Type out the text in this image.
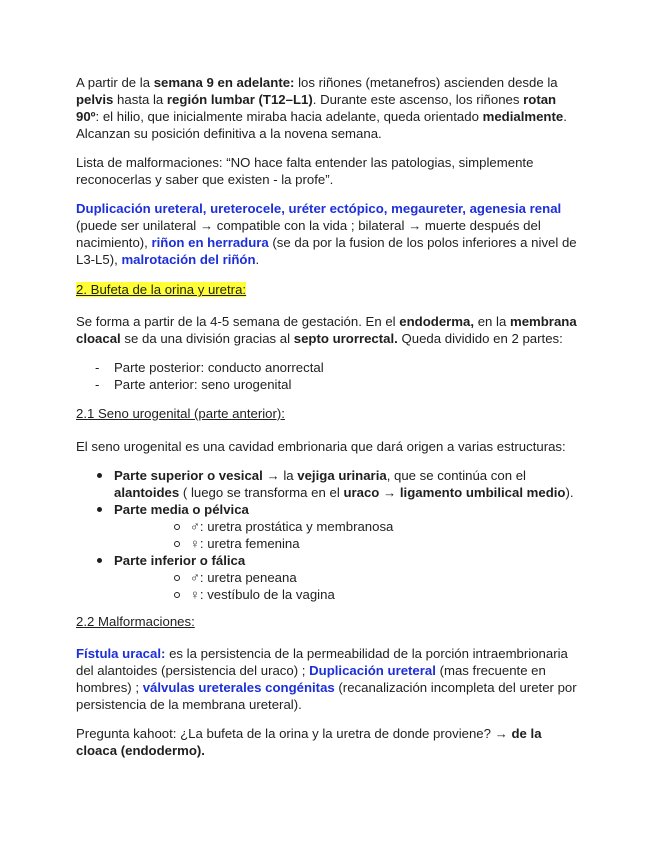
A partir de la semana 9 en adelante: los riñones (metanefros) ascienden desde la pelvis hasta la región lumbar (T12–L1). Durante este ascenso, los riñones rotan 90º: el hilio, que inicialmente miraba hacia adelante, queda orientado medialmente. Alcanzan su posición definitiva a la novena semana.

Lista de malformaciones: “NO hace falta entender las patologias, simplemente reconocerlas y saber que existen - la profe”.

Duplicación ureteral, ureterocele, uréter ectópico, megaureter, agenesia renal (puede ser unilateral → compatible con la vida ; bilateral → muerte después del nacimiento), riñon en herradura (se da por la fusion de los polos inferiores a nivel de L3-L5), malrotación del riñón.

2. Bufeta de la orina y uretra:

Se forma a partir de la 4-5 semana de gestación. En el endoderma, en la membrana cloacal se da una división gracias al septo urorrectal. Queda dividido en 2 partes:

- Parte posterior: conducto anorrectal
- Parte anterior: seno urogenital

2.1 Seno urogenital (parte anterior):

El seno urogenital es una cavidad embrionaria que dará origen a varias estructuras:

Parte superior o vesical → la vejiga urinaria, que se continúa con el alantoides ( luego se transforma en el uraco → ligamento umbilical medio).
Parte media o pélvica
♂: uretra prostática y membranosa
♀: uretra femenina
Parte inferior o fálica
♂: uretra peneana
♀: vestíbulo de la vagina

2.2 Malformaciones:

Fístula uracal: es la persistencia de la permeabilidad de la porción intraembrionaria del alantoides (persistencia del uraco) ; Duplicación ureteral (mas frecuente en hombres) ; válvulas ureterales congénitas (recanalización incompleta del ureter por persistencia de la membrana ureteral).

Pregunta kahoot: ¿La bufeta de la orina y la uretra de donde proviene? → de la cloaca (endodermo).
